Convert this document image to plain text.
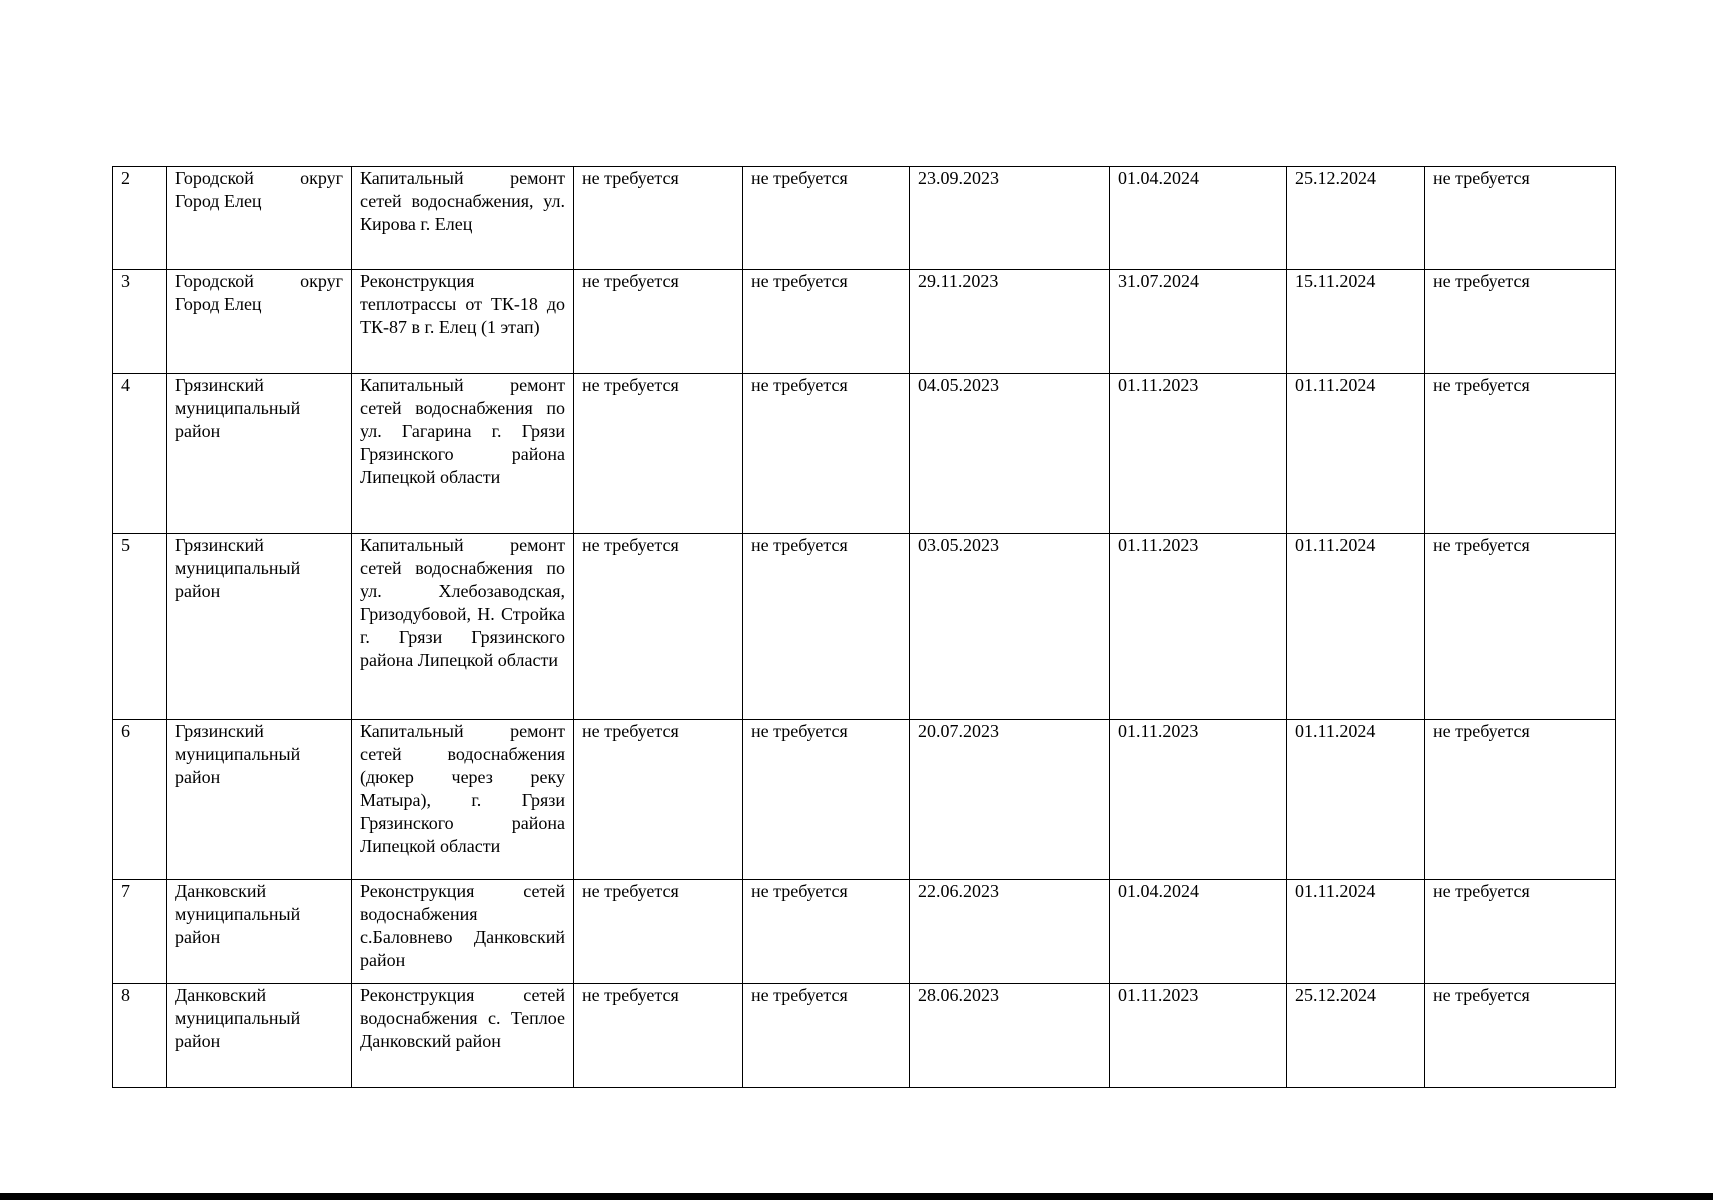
2	Городской округ Город Елец	Капитальный ремонт сетей водоснабжения, ул. Кирова г. Елец	не требуется	не требуется	23.09.2023	01.04.2024	25.12.2024	не требуется
3	Городской округ Город Елец	Реконструкция теплотрассы от ТК-18 до ТК-87 в г. Елец (1 этап)	не требуется	не требуется	29.11.2023	31.07.2024	15.11.2024	не требуется
4	Грязинский муниципальный район	Капитальный ремонт сетей водоснабжения по ул. Гагарина г. Грязи Грязинского района Липецкой области	не требуется	не требуется	04.05.2023	01.11.2023	01.11.2024	не требуется
5	Грязинский муниципальный район	Капитальный ремонт сетей водоснабжения по ул. Хлебозаводская, Гризодубовой, Н. Стройка г. Грязи Грязинского района Липецкой области	не требуется	не требуется	03.05.2023	01.11.2023	01.11.2024	не требуется
6	Грязинский муниципальный район	Капитальный ремонт сетей водоснабжения (дюкер через реку Матыра), г. Грязи Грязинского района Липецкой области	не требуется	не требуется	20.07.2023	01.11.2023	01.11.2024	не требуется
7	Данковский муниципальный район	Реконструкция сетей водоснабжения с.Баловнево Данковский район	не требуется	не требуется	22.06.2023	01.04.2024	01.11.2024	не требуется
8	Данковский муниципальный район	Реконструкция сетей водоснабжения с. Теплое Данковский район	не требуется	не требуется	28.06.2023	01.11.2023	25.12.2024	не требуется
